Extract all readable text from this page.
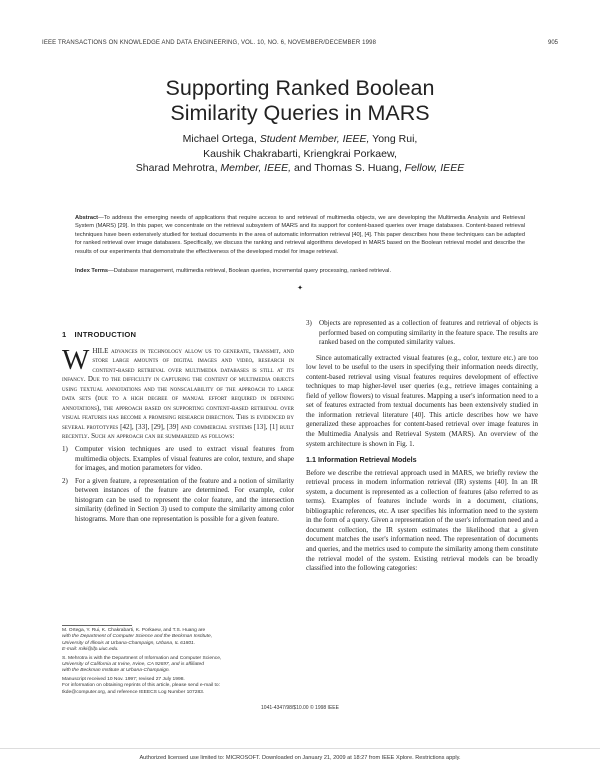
IEEE TRANSACTIONS ON KNOWLEDGE AND DATA ENGINEERING, VOL. 10, NO. 6, NOVEMBER/DECEMBER 1998	905
Supporting Ranked Boolean
Similarity Queries in MARS
Michael Ortega, Student Member, IEEE, Yong Rui,
Kaushik Chakrabarti, Kriengkrai Porkaew,
Sharad Mehrotra, Member, IEEE, and Thomas S. Huang, Fellow, IEEE
Abstract—To address the emerging needs of applications that require access to and retrieval of multimedia objects, we are developing the Multimedia Analysis and Retrieval System (MARS) [29]. In this paper, we concentrate on the retrieval subsystem of MARS and its support for content-based queries over image databases. Content-based retrieval techniques have been extensively studied for textual documents in the area of automatic information retrieval [40], [4]. This paper describes how these techniques can be adapted for ranked retrieval over image databases. Specifically, we discuss the ranking and retrieval algorithms developed in MARS based on the Boolean retrieval model and describe the results of our experiments that demonstrate the effectiveness of the developed model for image retrieval.
Index Terms—Database management, multimedia retrieval, Boolean queries, incremental query processing, ranked retrieval.
✦
1 INTRODUCTION

WHILE advances in technology allow us to generate, transmit, and store large amounts of digital images and video, research in content-based retrieval over multimedia databases is still at its infancy. Due to the difficulty in capturing the content of multimedia objects using textual annotations and the nonscalability of the approach to large data sets (due to a high degree of manual effort required in defining annotations), the approach based on supporting content-based retrieval over visual features has become a promising research direction. This is evidenced by several prototypes [42], [33], [29], [39] and commercial systems [13], [1] built recently. Such an approach can be summarized as follows:

1)	Computer vision techniques are used to extract visual features from multimedia objects. Examples of visual features are color, texture, and shape for images, and motion parameters for video.
2)	For a given feature, a representation of the feature and a notion of similarity between instances of the feature are determined. For example, color histogram can be used to represent the color feature, and the intersection similarity (defined in Section 3) used to compute the similarity among color histograms. More than one representation is possible for a given feature.

M. Ortega, Y. Rui, K. Chakrabarti, K. Porkaew, and T.S. Huang are
with the Department of Computer Science and the Beckman Institute,
University of Illinois at Urbana-Champaign, Urbana, IL 61801.
E-mail: miki@ifp.uiuc.edu.

S. Mehrotra is with the Department of Information and Computer Science,
University of California at Irvine, Irvine, CA 92697, and is affiliated
with the Beckman Institute at Urbana-Champaign.

Manuscript received 10 Nov. 1997; revised 27 July 1998.
For information on obtaining reprints of this article, please send e-mail to:
tkde@computer.org, and reference IEEECS Log Number 107283.

3)	Objects are represented as a collection of features and retrieval of objects is performed based on computing similarity in the feature space. The results are ranked based on the computed similarity values.

Since automatically extracted visual features (e.g., color, texture etc.) are too low level to be useful to the users in specifying their information needs directly, content-based retrieval using visual features requires development of effective techniques to map higher-level user queries (e.g., retrieve images containing a field of yellow flowers) to visual features. Mapping a user's information need to a set of features extracted from textual documents has been extensively studied in the information retrieval literature [40]. This article describes how we have generalized these approaches for content-based retrieval over image features in the Multimedia Analysis and Retrieval System (MARS). An overview of the system architecture is shown in Fig. 1.

1.1 Information Retrieval Models

Before we describe the retrieval approach used in MARS, we briefly review the retrieval process in modern information retrieval (IR) systems [40]. In an IR system, a document is represented as a collection of features (also referred to as terms). Examples of features include words in a document, citations, bibliographic references, etc. A user specifies his information need to the system in the form of a query. Given a representation of the user's information need and a document collection, the IR system estimates the likelihood that a given document matches the user's information need. The representation of documents and queries, and the metrics used to compute the similarity among them constitute the retrieval model of the system. Existing retrieval models can be broadly classified into the following categories:

1041-4347/98/$10.00 © 1998 IEEE
Authorized licensed use limited to: MICROSOFT. Downloaded on January 21, 2009 at 18:27 from IEEE Xplore. Restrictions apply.
